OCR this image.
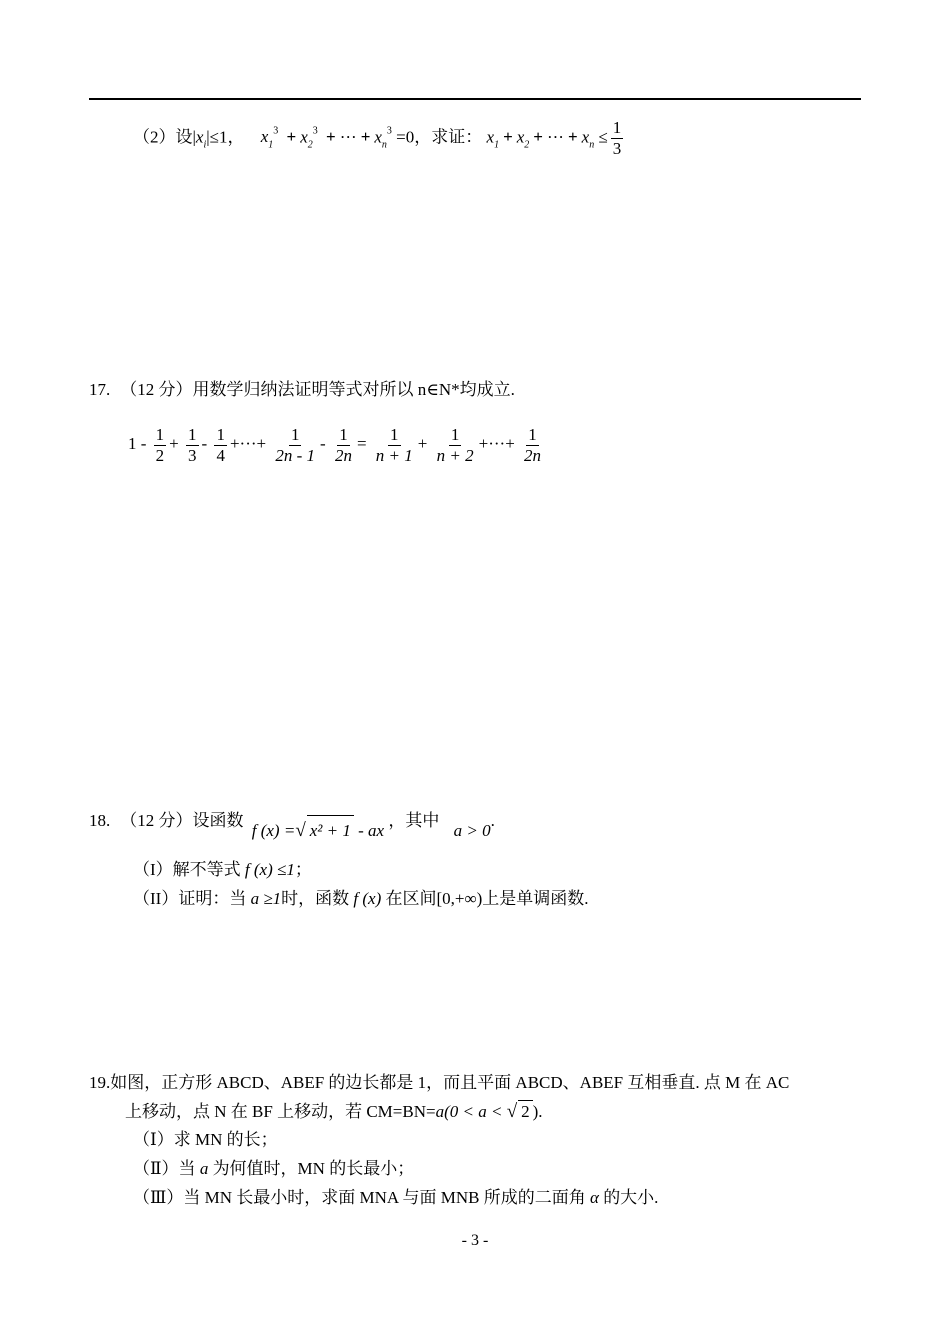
（2）设$|x_i|\le 1$， $x_1^3 + x_2^3$ + ··· + $x_n^3 =0$，求证： $x_1 + x_2$ + ··· + $x_n \le \frac{1}{3}$
17. （12 分）用数学归纳法证明等式对所以 n∈N*均成立.
$1 - \frac{1}{2} + \frac{1}{3} - \frac{1}{4}$ +···+ $\frac{1}{2n - 1} - \frac{1}{2n} = \frac{1}{n + 1} + \frac{1}{n + 2}$ +···+ $\frac{1}{2n}$
18. （12 分）设函数 f (x) =√ x² + 1 - ax ，其中 a > 0.
（I）解不等式 f (x) ≤1；
（II）证明：当 a ≥1时，函数 f (x) 在区间[0,+∞)上是单调函数.
19.如图，正方形 ABCD、ABEF 的边长都是 1，而且平面 ABCD、ABEF 互相垂直. 点 M 在 AC
上移动，点 N 在 BF 上移动，若 CM=BN=a(0 < a < √ 2 ).
（Ⅰ）求 MN 的长；
（Ⅱ）当 a 为何值时，MN 的长最小；
（Ⅲ）当 MN 长最小时，求面 MNA 与面 MNB 所成的二面角 α 的大小.
- 3 -
